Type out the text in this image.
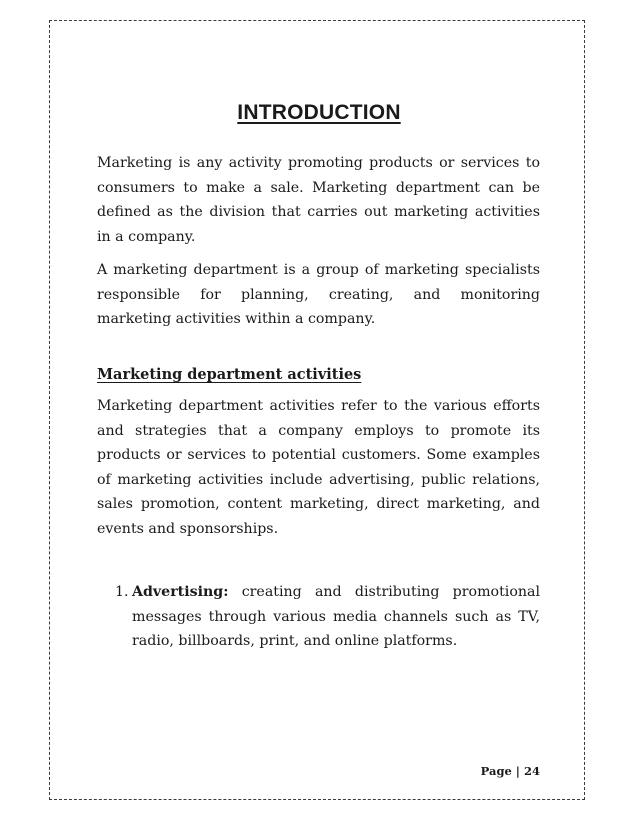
INTRODUCTION

Marketing is any activity promoting products or services to consumers to make a sale. Marketing department can be defined as the division that carries out marketing activities in a company.

A marketing department is a group of marketing specialists responsible for planning, creating, and monitoring marketing activities within a company.

Marketing department activities

Marketing department activities refer to the various efforts and strategies that a company employs to promote its products or services to potential customers. Some examples of marketing activities include advertising, public relations, sales promotion, content marketing, direct marketing, and events and sponsorships.

1. Advertising: creating and distributing promotional messages through various media channels such as TV, radio, billboards, print, and online platforms.
Page | 24
